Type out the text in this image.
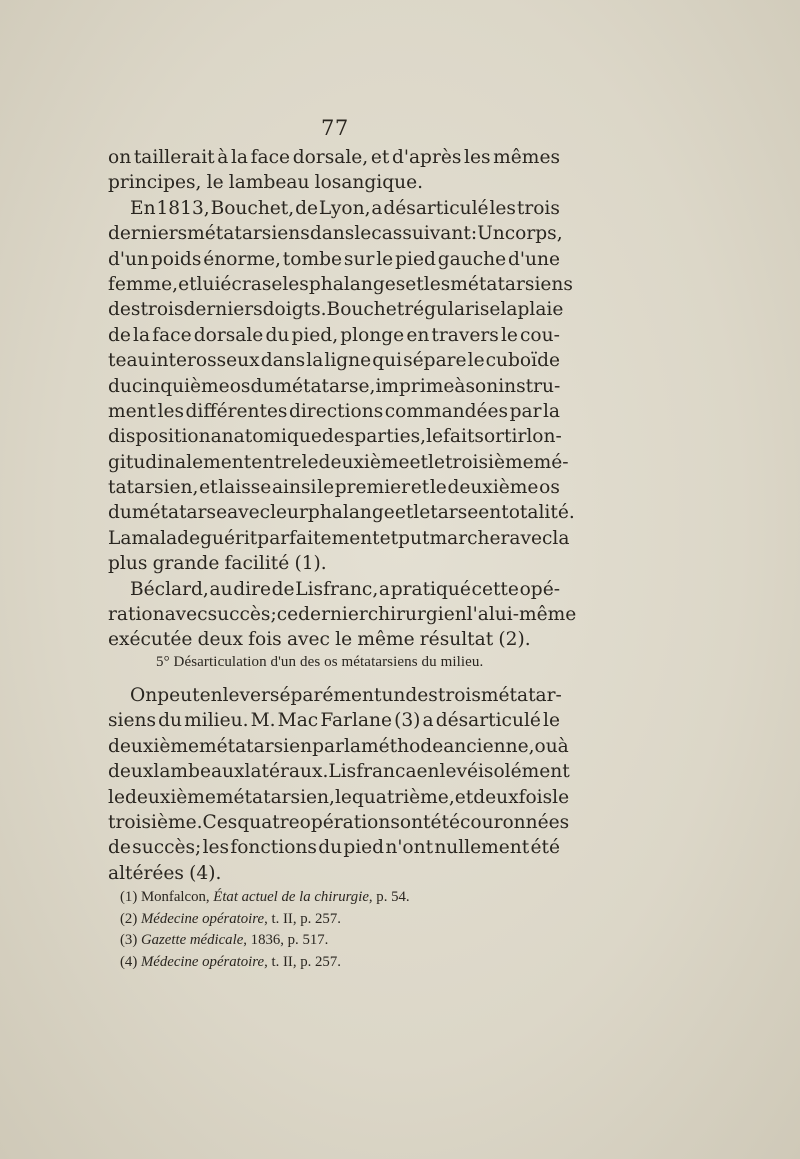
77
on taillerait à la face dorsale, et d'après les mêmes
principes, le lambeau losangique.
En 1813, Bouchet, de Lyon, a désarticulé les trois
derniers métatarsiens dans le cas suivant : Un corps,
d'un poids énorme, tombe sur le pied gauche d'une
femme, et lui écrase les phalanges et les métatarsiens
des trois derniers doigts. Bouchet régularise la plaie
de la face dorsale du pied, plonge en travers le cou-
teau interosseux dans la ligne qui sépare le cuboïde
du cinquième os du métatarse, imprime à son instru-
ment les différentes directions commandées par la
disposition anatomique des parties, le fait sortir lon-
gitudinalement entre le deuxième et le troisième mé-
tatarsien, et laisse ainsi le premier et le deuxième os
du métatarse avec leur phalange et le tarse en totalité.
La malade guérit parfaitement et put marcher avec la
plus grande facilité (1).
Béclard, au dire de Lisfranc, a pratiqué cette opé-
ration avec succès; ce dernier chirurgien l'a lui-même
exécutée deux fois avec le même résultat (2).
5° Désarticulation d'un des os métatarsiens du milieu.
On peut enlever séparément un des trois métatar-
siens du milieu. M. Mac Farlane (3) a désarticulé le
deuxième métatarsien par la méthode ancienne, ou à
deux lambeaux latéraux. Lisfranc a enlevé isolément
le deuxième métatarsien, le quatrième, et deux fois le
troisième. Ces quatre opérations ont été couronnées
de succès; les fonctions du pied n'ont nullement été
altérées (4).
(1) Monfalcon, État actuel de la chirurgie, p. 54.
(2) Médecine opératoire, t. II, p. 257.
(3) Gazette médicale, 1836, p. 517.
(4) Médecine opératoire, t. II, p. 257.
